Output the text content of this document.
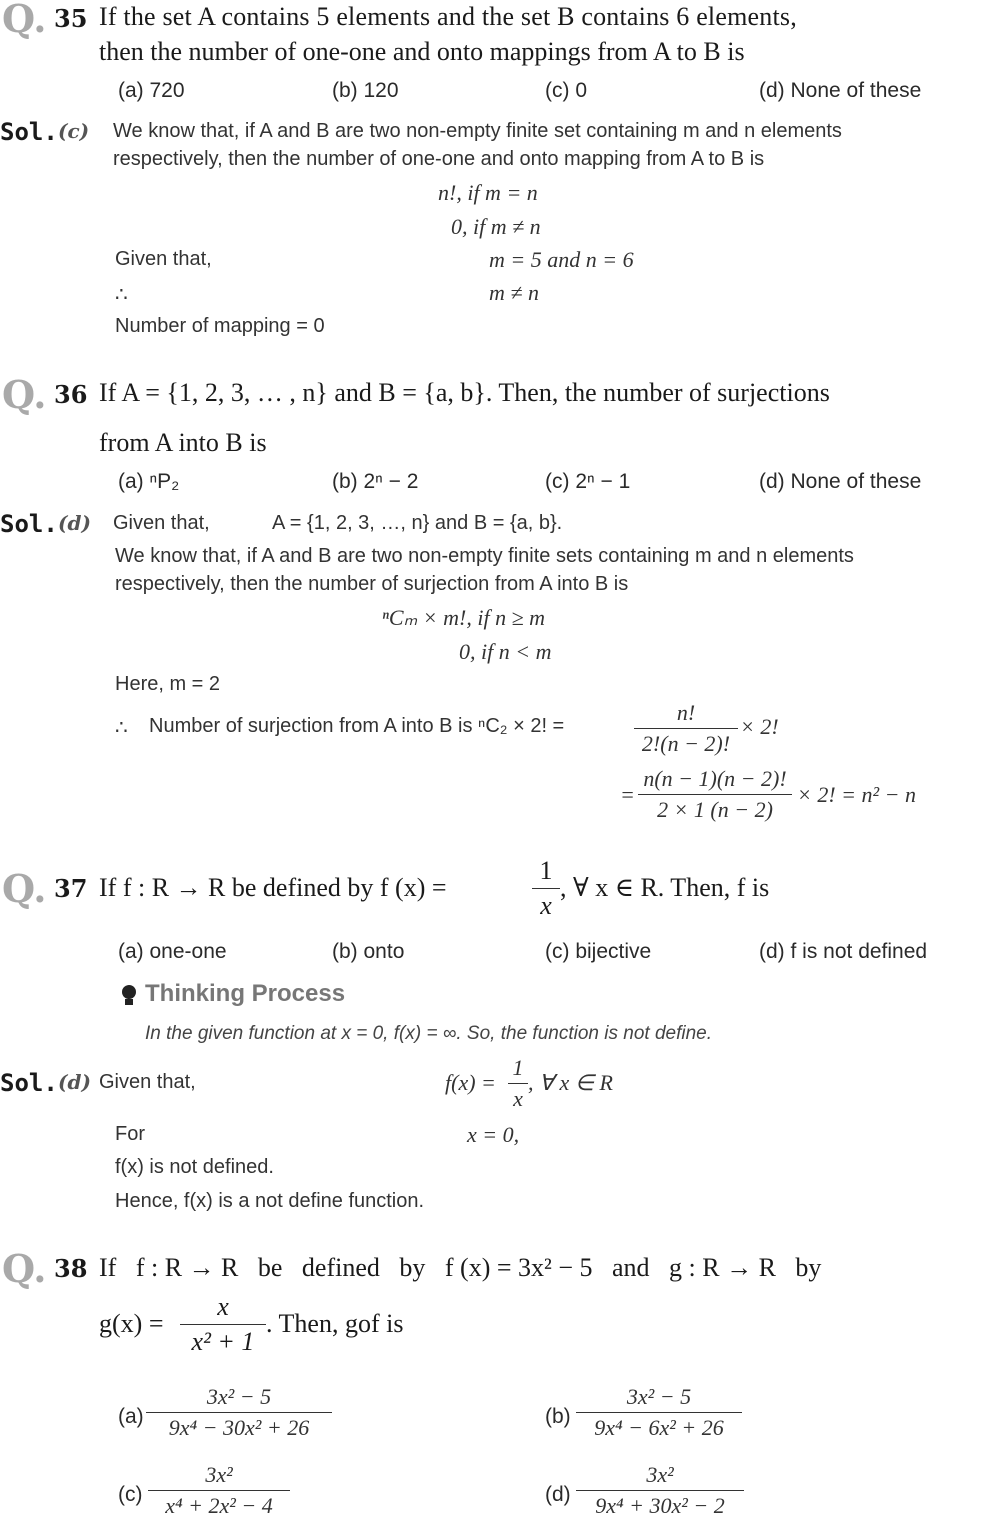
Q. 35 If the set A contains 5 elements and the set B contains 6 elements,
then the number of one-one and onto mappings from A to B is
(a) 720	(b) 120	(c) 0	(d) None of these
Sol. (c) We know that, if A and B are two non-empty finite set containing m and n elements
respectively, then the number of one-one and onto mapping from A to B is
n!, if m = n
0, if m ≠ n
Given that,	m = 5 and n = 6
∴	m ≠ n
Number of mapping = 0
Q. 36 If A = {1, 2, 3, … , n} and B = {a, b}. Then, the number of surjections
from A into B is
(a) ⁿP₂	(b) 2ⁿ − 2	(c) 2ⁿ − 1	(d) None of these
Sol. (d) Given that,	A = {1, 2, 3, …, n} and B = {a, b}.
We know that, if A and B are two non-empty finite sets containing m and n elements
respectively, then the number of surjection from A into B is
ⁿCₘ × m!, if n ≥ m
0, if n < m
Here, m = 2
∴ Number of surjection from A into B is ⁿC₂ × 2! =
n!
2!(n − 2)!
× 2!
=
n(n − 1)(n − 2)!
2 × 1 (n − 2)
× 2! = n² − n
Q. 37 If f : R → R be defined by f (x) =
1
x
, ∀ x ∈ R. Then, f is
(a) one-one	(b) onto	(c) bijective	(d) f is not defined
Thinking Process
In the given function at x = 0, f(x) = ∞. So, the function is not define.
Sol. (d) Given that,	f(x) =
1
x
, ∀ x ∈ R
For	x = 0,
f(x) is not defined.
Hence, f(x) is a not define function.
Q. 38 If   f : R → R   be   defined   by   f (x) = 3x² − 5   and   g : R → R   by
g(x) =
x
x² + 1
. Then, gof is
(a)
3x² − 5
9x⁴ − 30x² + 26	(b)
3x² − 5
9x⁴ − 6x² + 26
(c)
3x²
x⁴ + 2x² − 4	(d)
3x²
9x⁴ + 30x² − 2
